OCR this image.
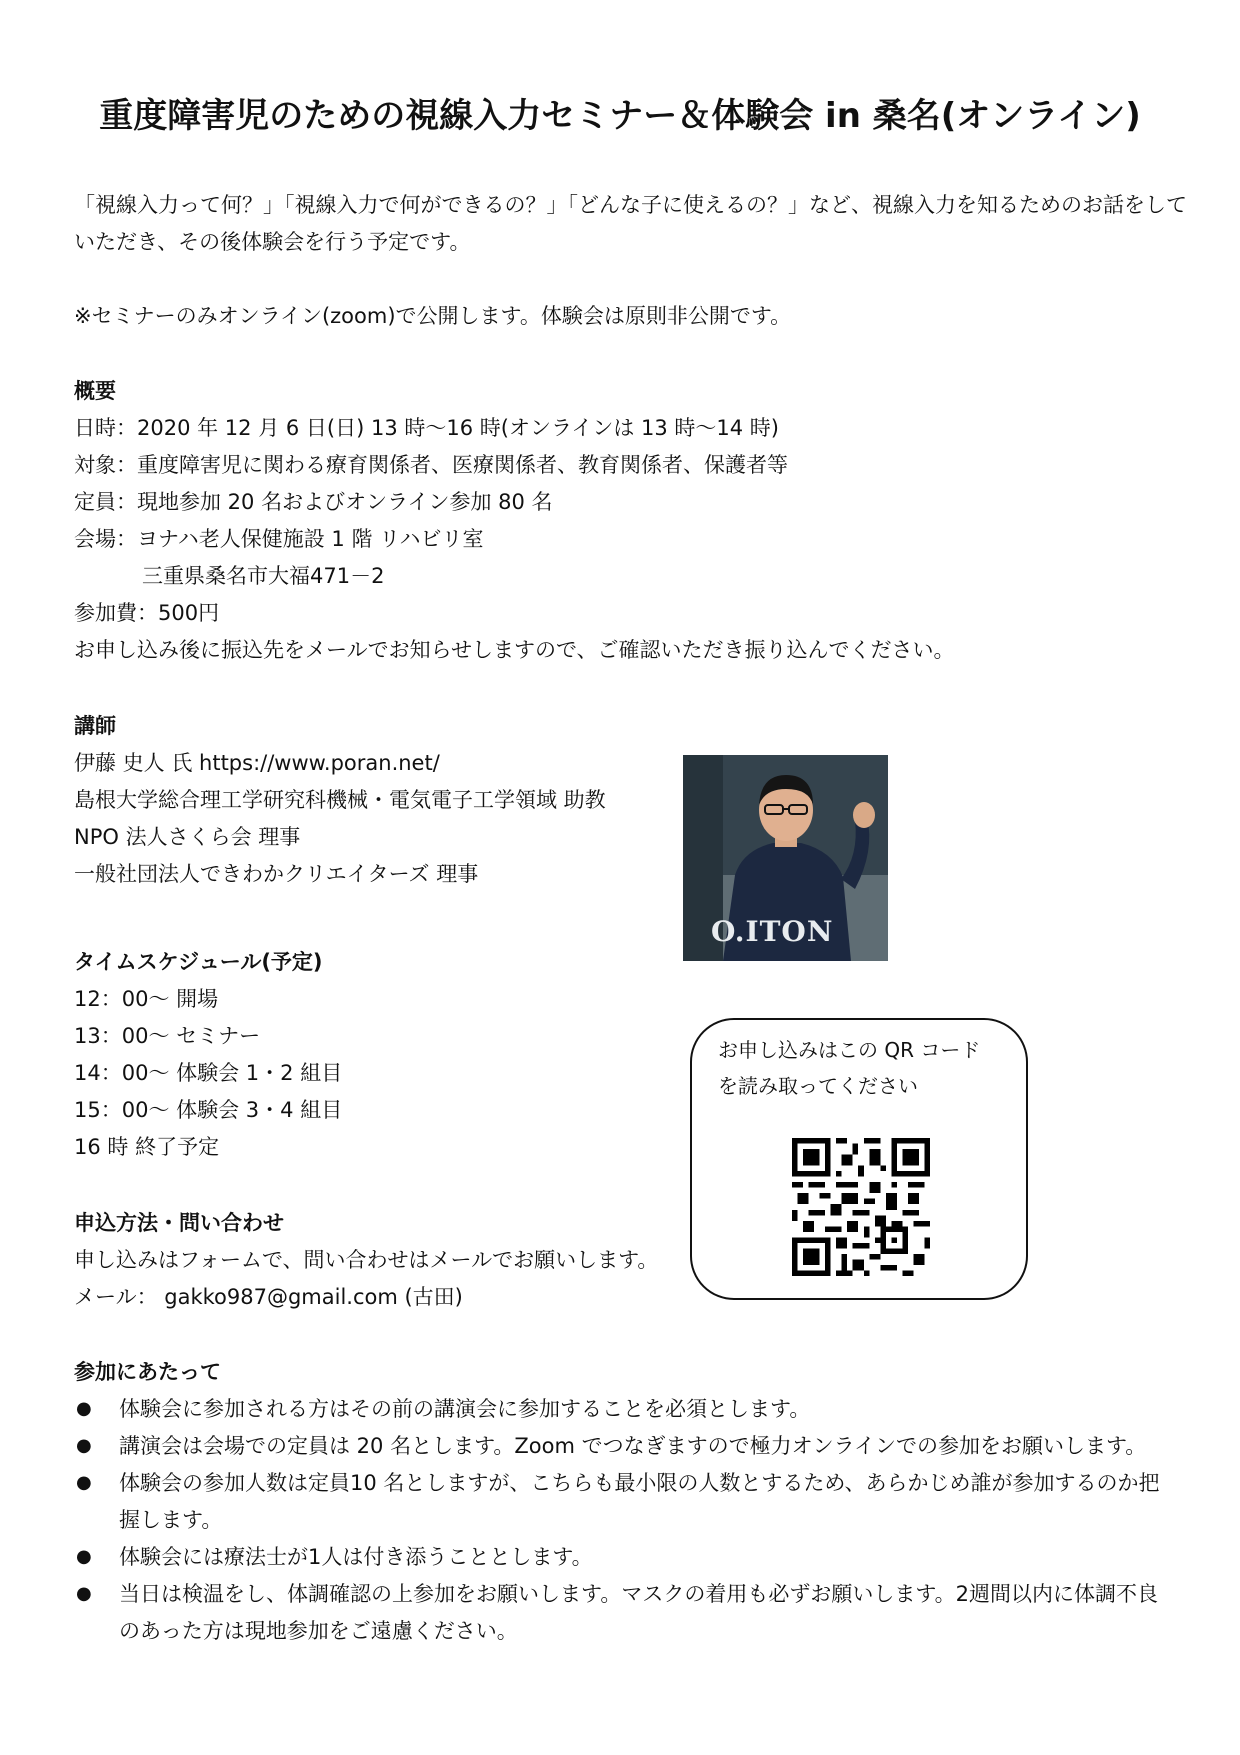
重度障害児のための視線入力セミナー＆体験会 in 桑名(オンライン)
「視線入力って何？」「視線入力で何ができるの？」「どんな子に使えるの？」など、視線入力を知るためのお話をして
いただき、その後体験会を行う予定です。
※セミナーのみオンライン(zoom)で公開します。体験会は原則非公開です。
概要
日時：2020 年 12 月 6 日(日) 13 時～16 時(オンラインは 13 時～14 時)
対象：重度障害児に関わる療育関係者、医療関係者、教育関係者、保護者等
定員：現地参加 20 名およびオンライン参加 80 名
会場：ヨナハ老人保健施設 1 階 リハビリ室
三重県桑名市大福471－2
参加費：500円
お申し込み後に振込先をメールでお知らせしますので、ご確認いただき振り込んでください。
講師
伊藤 史人 氏 https://www.poran.net/
島根大学総合理工学研究科機械・電気電子工学領域 助教
NPO 法人さくら会 理事
一般社団法人できわかクリエイターズ 理事
O.ITON
タイムスケジュール(予定)
12：00～ 開場
13：00～ セミナー
14：00～ 体験会 1・2 組目
15：00～ 体験会 3・4 組目
16 時 終了予定
お申し込みはこの QR コード
を読み取ってください
申込方法・問い合わせ
申し込みはフォームで、問い合わせはメールでお願いします。
メール： gakko987@gmail.com (古田)
参加にあたって
● 体験会に参加される方はその前の講演会に参加することを必須とします。
● 講演会は会場での定員は 20 名とします。Zoom でつなぎますので極力オンラインでの参加をお願いします。
● 体験会の参加人数は定員10 名としますが、こちらも最小限の人数とするため、あらかじめ誰が参加するのか把
握します。
● 体験会には療法士が1人は付き添うこととします。
● 当日は検温をし、体調確認の上参加をお願いします。マスクの着用も必ずお願いします。2週間以内に体調不良
のあった方は現地参加をご遠慮ください。
